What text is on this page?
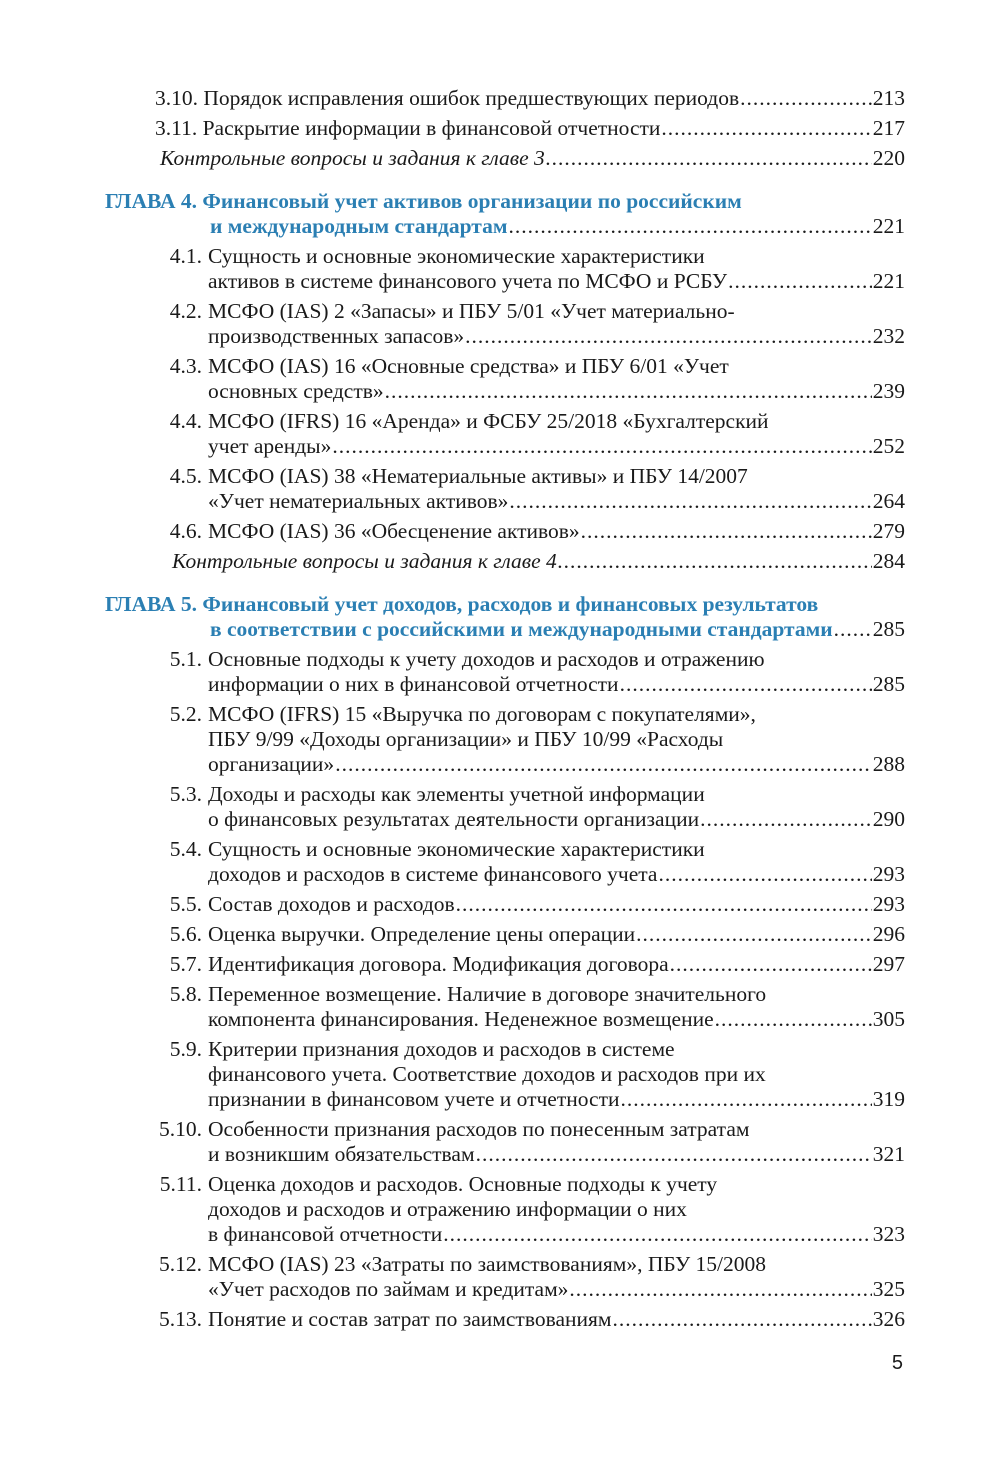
3.10. Порядок исправления ошибок предшествующих периодов .....	213
3.11. Раскрытие информации в финансовой отчетности .....	217
Контрольные вопросы и задания к главе 3 .....	220
ГЛАВА 4. Финансовый учет активов организации по российским
и международным стандартам .....	221
4.1. Сущность и основные экономические характеристики
активов в системе финансового учета по МСФО и РСБУ .....	221
4.2. МСФО (IAS) 2 «Запасы» и ПБУ 5/01 «Учет материально-
производственных запасов» .....	232
4.3. МСФО (IAS) 16 «Основные средства» и ПБУ 6/01 «Учет
основных средств» .....	239
4.4. МСФО (IFRS) 16 «Аренда» и ФСБУ 25/2018 «Бухгалтерский
учет аренды» .....	252
4.5. МСФО (IAS) 38 «Нематериальные активы» и ПБУ 14/2007
«Учет нематериальных активов» .....	264
4.6. МСФО (IAS) 36 «Обесценение активов» .....	279
Контрольные вопросы и задания к главе 4 .....	284
ГЛАВА 5. Финансовый учет доходов, расходов и финансовых результатов
в соответствии с российскими и международными стандартами ..... 285
5.1. Основные подходы к учету доходов и расходов и отражению
информации о них в финансовой отчетности .....	285
5.2. МСФО (IFRS) 15 «Выручка по договорам с покупателями»,
ПБУ 9/99 «Доходы организации» и ПБУ 10/99 «Расходы
организации» .....	288
5.3. Доходы и расходы как элементы учетной информации
о финансовых результатах деятельности организации .....	290
5.4. Сущность и основные экономические характеристики
доходов и расходов в системе финансового учета .....	293
5.5. Состав доходов и расходов .....	293
5.6. Оценка выручки. Определение цены операции .....	296
5.7. Идентификация договора. Модификация договора .....	297
5.8. Переменное возмещение. Наличие в договоре значительного
компонента финансирования. Неденежное возмещение .....	305
5.9. Критерии признания доходов и расходов в системе
финансового учета. Соответствие доходов и расходов при их
признании в финансовом учете и отчетности .....	319
5.10. Особенности признания расходов по понесенным затратам
и возникшим обязательствам .....	321
5.11. Оценка доходов и расходов. Основные подходы к учету
доходов и расходов и отражению информации о них
в финансовой отчетности .....	323
5.12. МСФО (IAS) 23 «Затраты по заимствованиям», ПБУ 15/2008
«Учет расходов по займам и кредитам» .....	325
5.13. Понятие и состав затрат по заимствованиям .....	326
5
